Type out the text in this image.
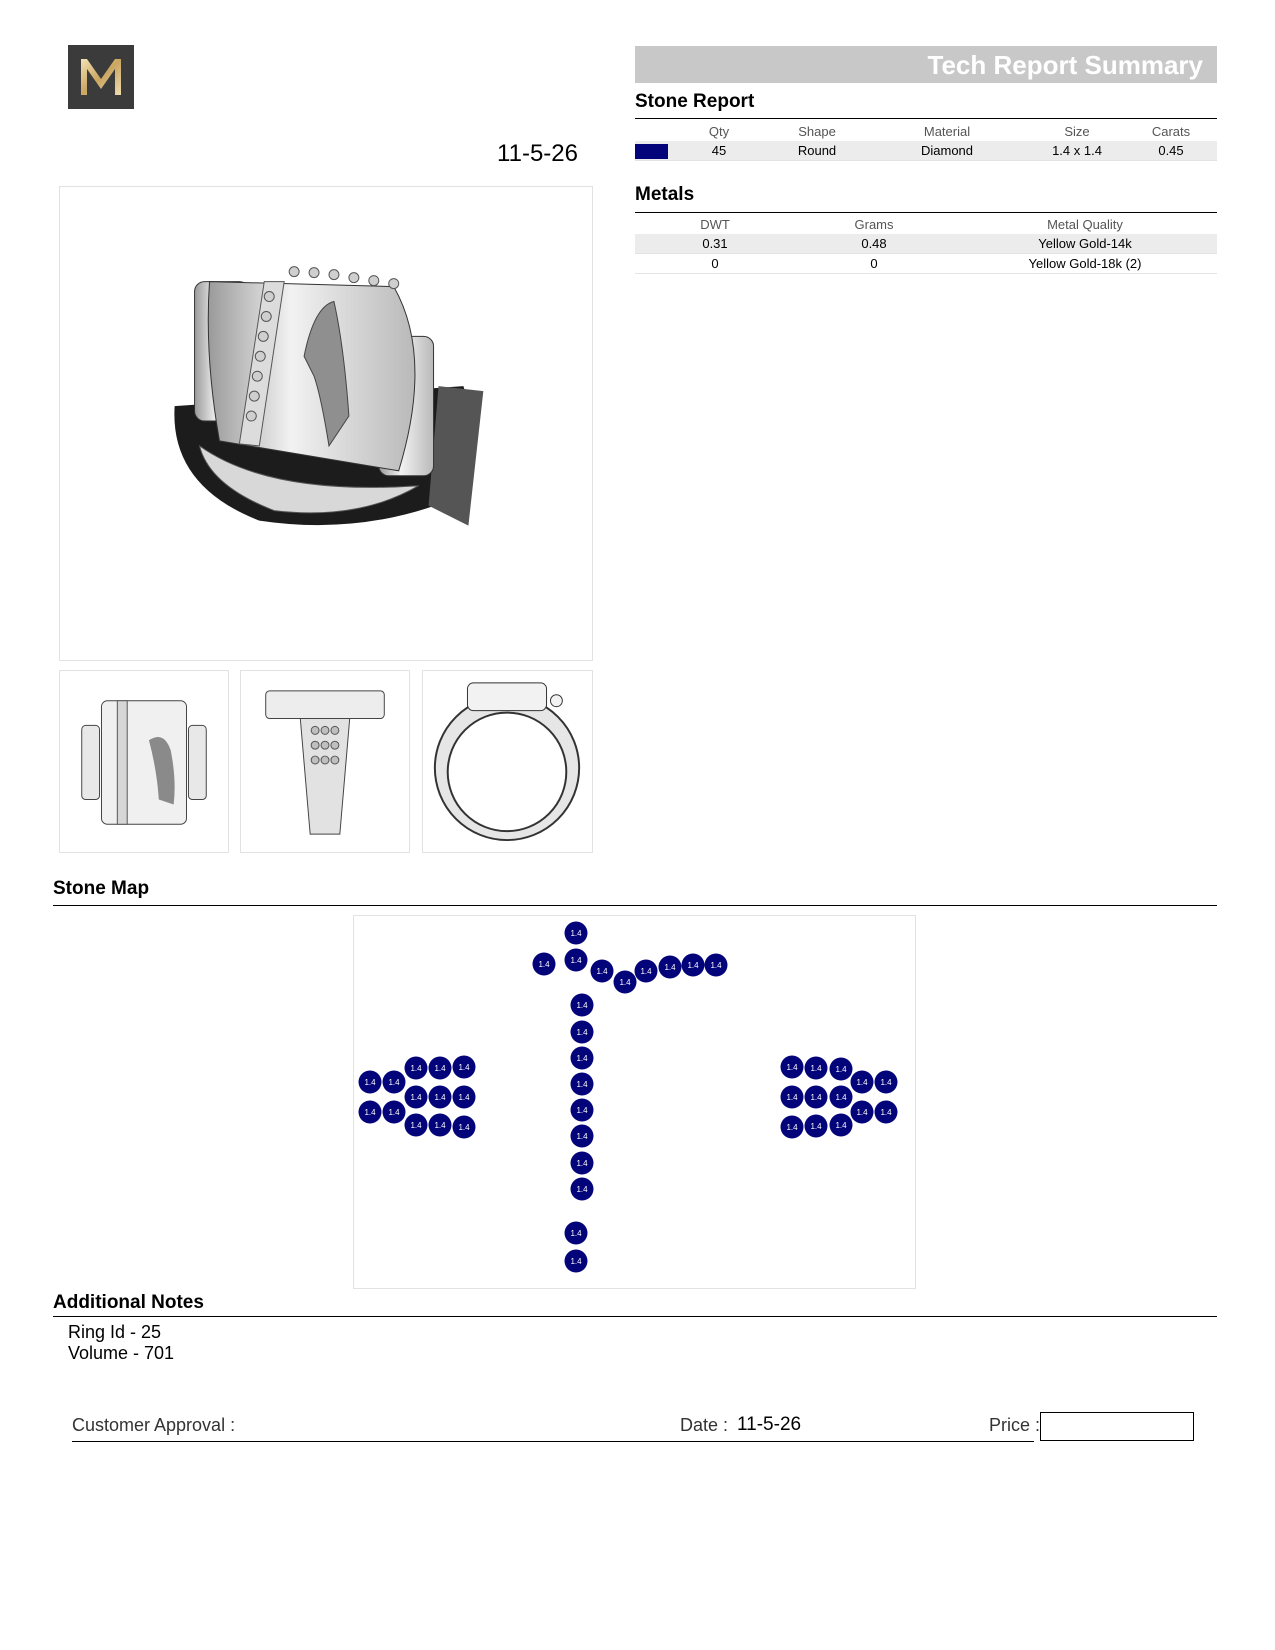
11-5-26
Tech Report Summary
Stone Report
	Qty	Shape	Material	Size	Carats
	45	Round	Diamond	1.4 x 1.4	0.45
Metals
DWT	Grams	Metal Quality
0.31	0.48	Yellow Gold-14k
0	0	Yellow Gold-18k (2)
Stone Map
1.4
1.4	1.4
1.4
1.4
1.4 1.4 1.4 1.4
1.4
1.4
1.4
1.4
1.4
1.4
1.4
1.4
1.4
1.4
1.4 1.4
1.4 1.4 1.4
1.4 1.4 1.4
1.4 1.4
1.4 1.4 1.4
1.4 1.4 1.4
1.4 1.4
1.4 1.4 1.4
1.4 1.4
1.4 1.4 1.4
Additional Notes
Ring Id - 25
Volume - 701
Customer Approval :	Date : 11-5-26	Price :
